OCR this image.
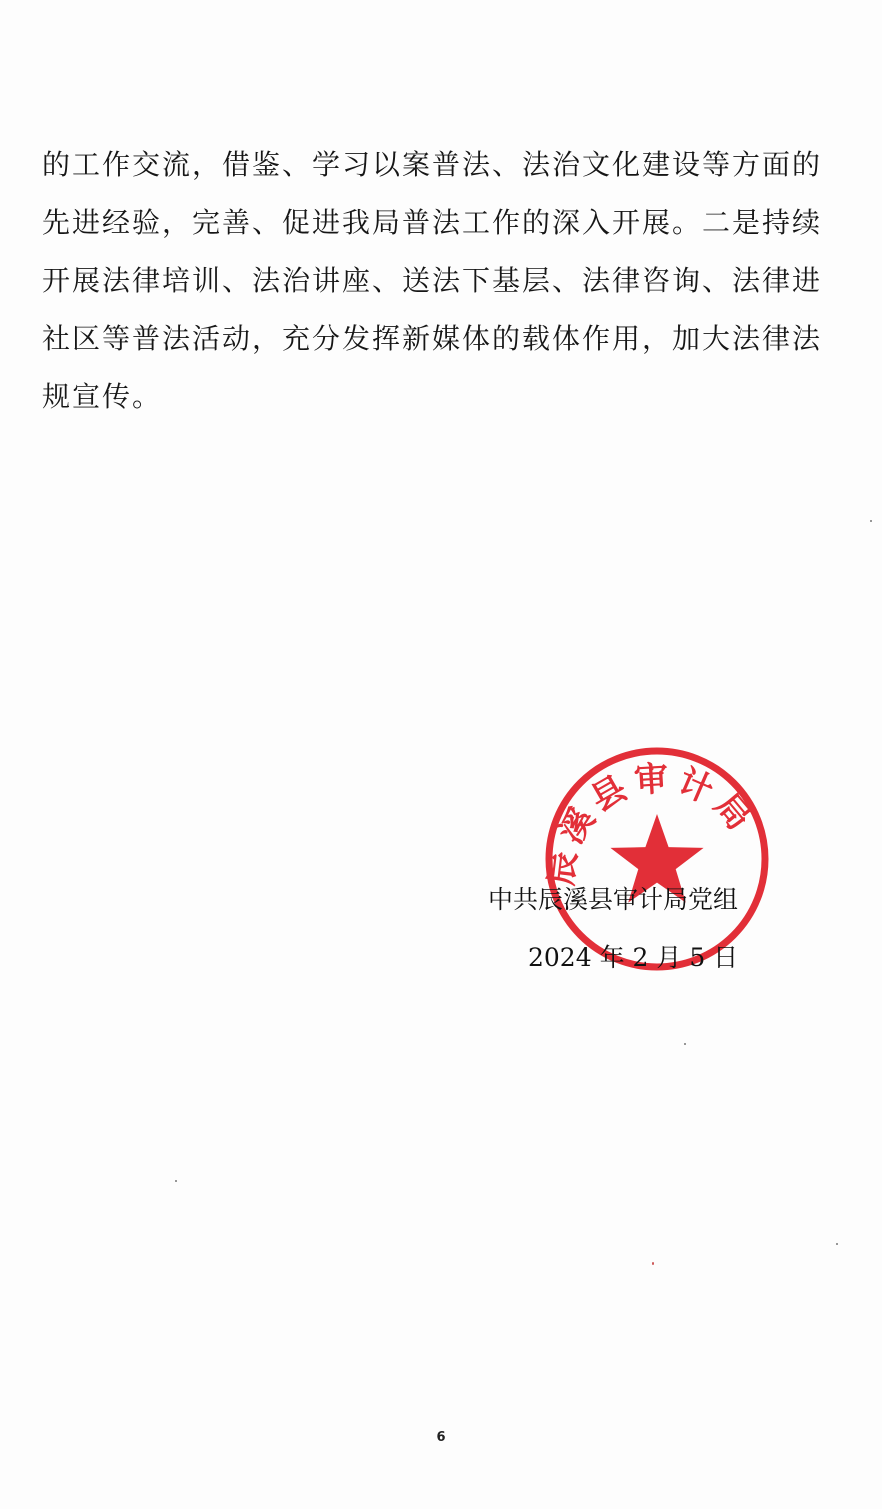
的工作交流，借鉴、学习以案普法、法治文化建设等方面的
先进经验，完善、促进我局普法工作的深入开展。二是持续
开展法律培训、法治讲座、送法下基层、法律咨询、法律进
社区等普法活动，充分发挥新媒体的载体作用，加大法律法
规宣传。
辰溪县审计局
中共辰溪县审计局党组
2024 年 2 月 5 日
6
